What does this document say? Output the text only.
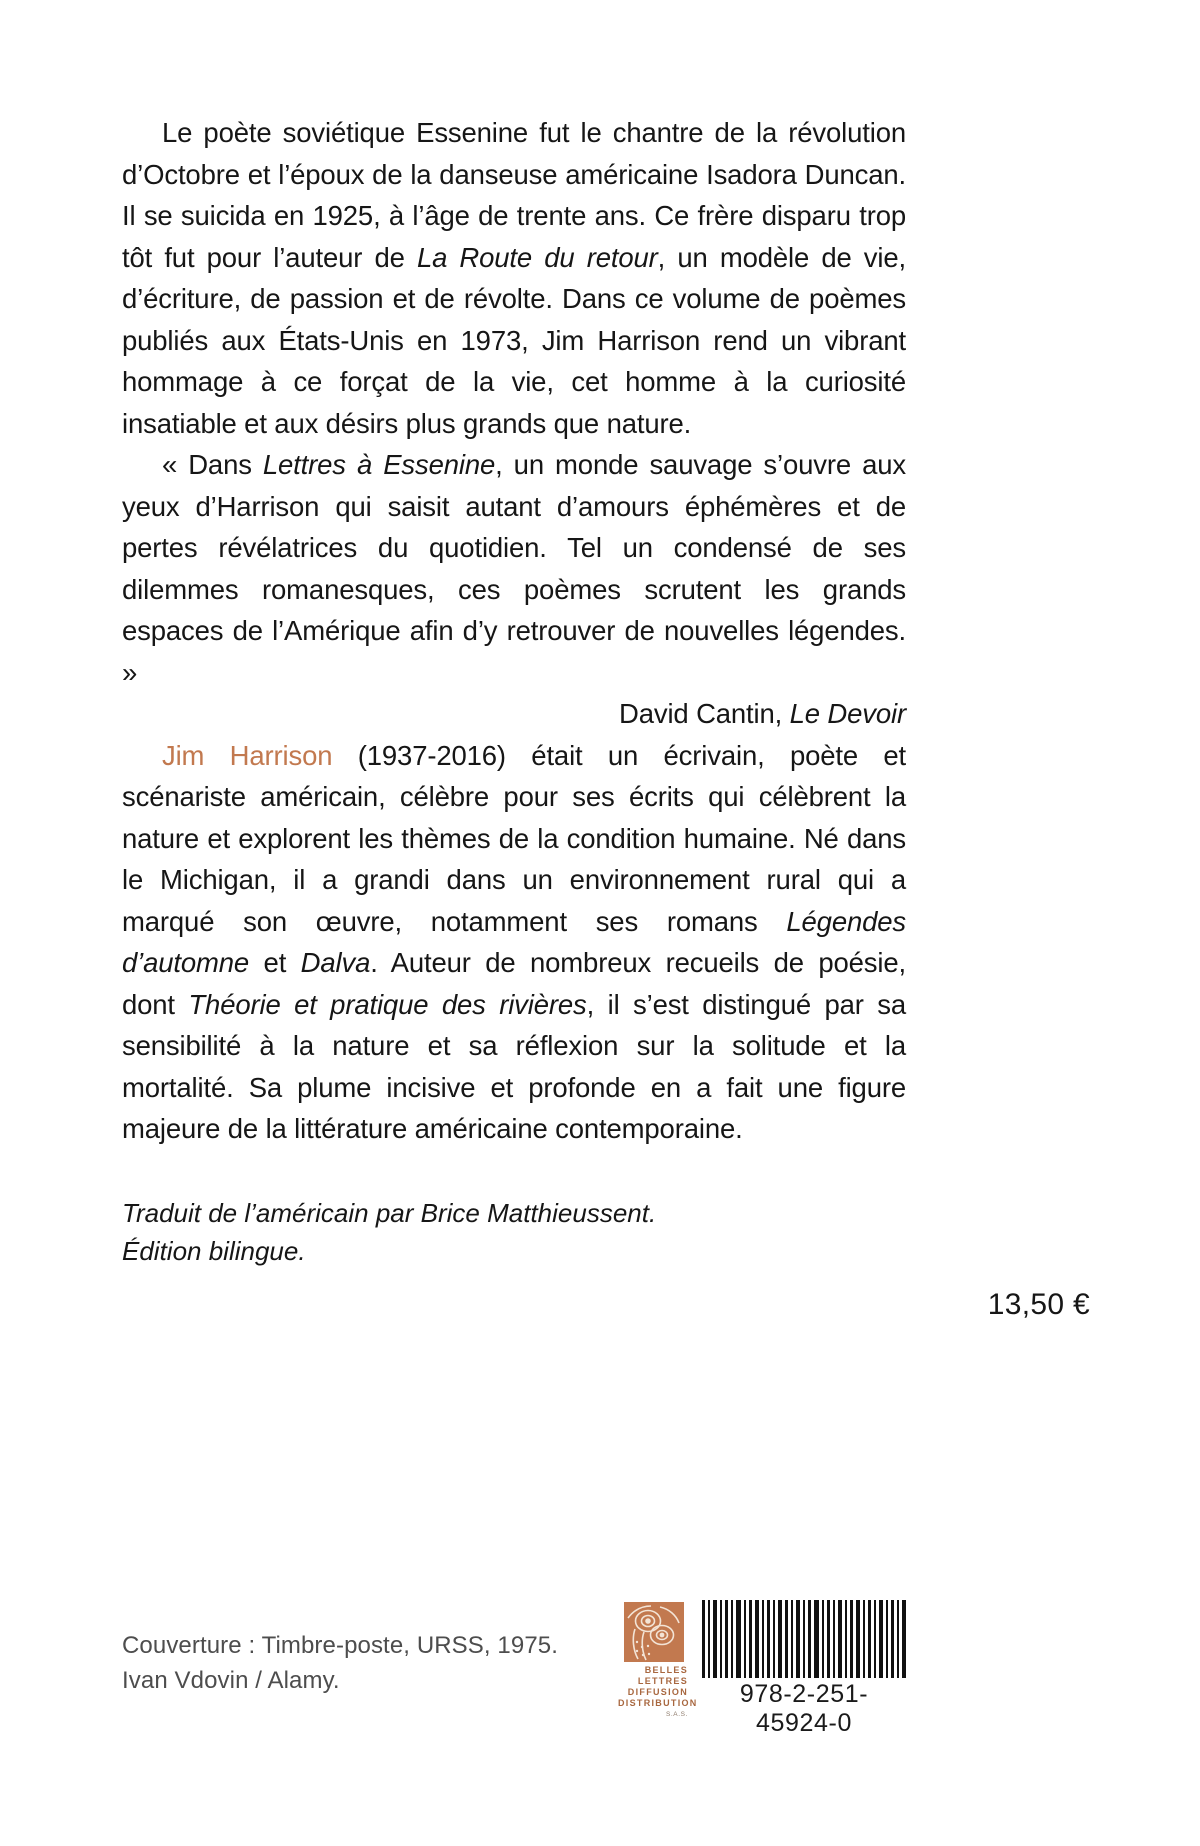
Le poète soviétique Essenine fut le chantre de la révolution d’Octobre et l’époux de la danseuse américaine Isadora Duncan. Il se suicida en 1925, à l’âge de trente ans. Ce frère disparu trop tôt fut pour l’auteur de La Route du retour, un modèle de vie, d’écriture, de passion et de révolte. Dans ce volume de poèmes publiés aux États-Unis en 1973, Jim Harrison rend un vibrant hommage à ce forçat de la vie, cet homme à la curiosité insatiable et aux désirs plus grands que nature.

« Dans Lettres à Essenine, un monde sauvage s’ouvre aux yeux d’Harrison qui saisit autant d’amours éphémères et de pertes révélatrices du quotidien. Tel un condensé de ses dilemmes romanesques, ces poèmes scrutent les grands espaces de l’Amérique afin d’y retrouver de nouvelles légendes. »

David Cantin, Le Devoir

Jim Harrison (1937-2016) était un écrivain, poète et scénariste américain, célèbre pour ses écrits qui célèbrent la nature et explorent les thèmes de la condition humaine. Né dans le Michigan, il a grandi dans un environnement rural qui a marqué son œuvre, notamment ses romans Légendes d’automne et Dalva. Auteur de nombreux recueils de poésie, dont Théorie et pratique des rivières, il s’est distingué par sa sensibilité à la nature et sa réflexion sur la solitude et la mortalité. Sa plume incisive et profonde en a fait une figure majeure de la littérature américaine contemporaine.

Traduit de l’américain par Brice Matthieussent.
Édition bilingue.
13,50 €
Couverture : Timbre-poste, URSS, 1975.
Ivan Vdovin / Alamy.	BELLES LETTRES
DIFFUSION
DISTRIBUTION
S.A.S.
978-2-251-45924-0
